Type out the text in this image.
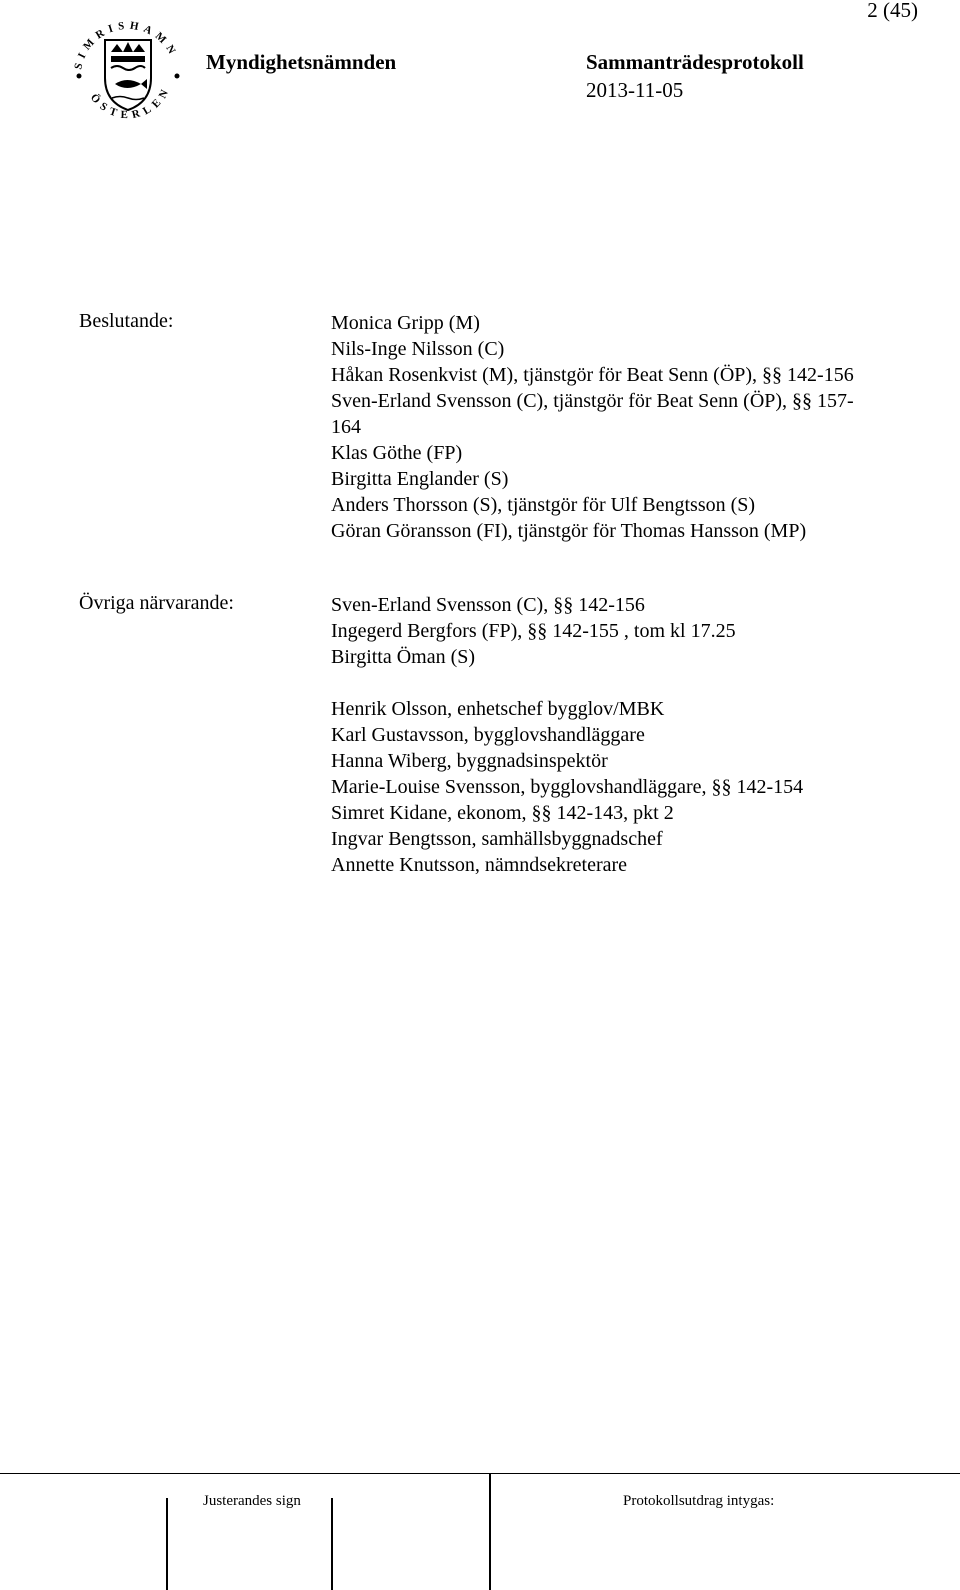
2 (45)
SIMRISHAMN
ÖSTERLEN
Myndighetsnämnden	Sammanträdesprotokoll
2013-11-05
Beslutande:	Monica Gripp (M)
Nils-Inge Nilsson (C)
Håkan Rosenkvist (M), tjänstgör för Beat Senn (ÖP), §§ 142-156
Sven-Erland Svensson (C), tjänstgör för Beat Senn (ÖP), §§ 157-
164
Klas Göthe (FP)
Birgitta Englander (S)
Anders Thorsson (S), tjänstgör för Ulf Bengtsson (S)
Göran Göransson (FI), tjänstgör för Thomas Hansson (MP)
Övriga närvarande:	Sven-Erland Svensson (C), §§ 142-156
Ingegerd Bergfors (FP), §§ 142-155 , tom kl 17.25
Birgitta Öman (S)
Henrik Olsson, enhetschef bygglov/MBK
Karl Gustavsson, bygglovshandläggare
Hanna Wiberg, byggnadsinspektör
Marie-Louise Svensson, bygglovshandläggare, §§ 142-154
Simret Kidane, ekonom, §§ 142-143, pkt 2
Ingvar Bengtsson, samhällsbyggnadschef
Annette Knutsson, nämndsekreterare
Justerandes sign	Protokollsutdrag intygas:
